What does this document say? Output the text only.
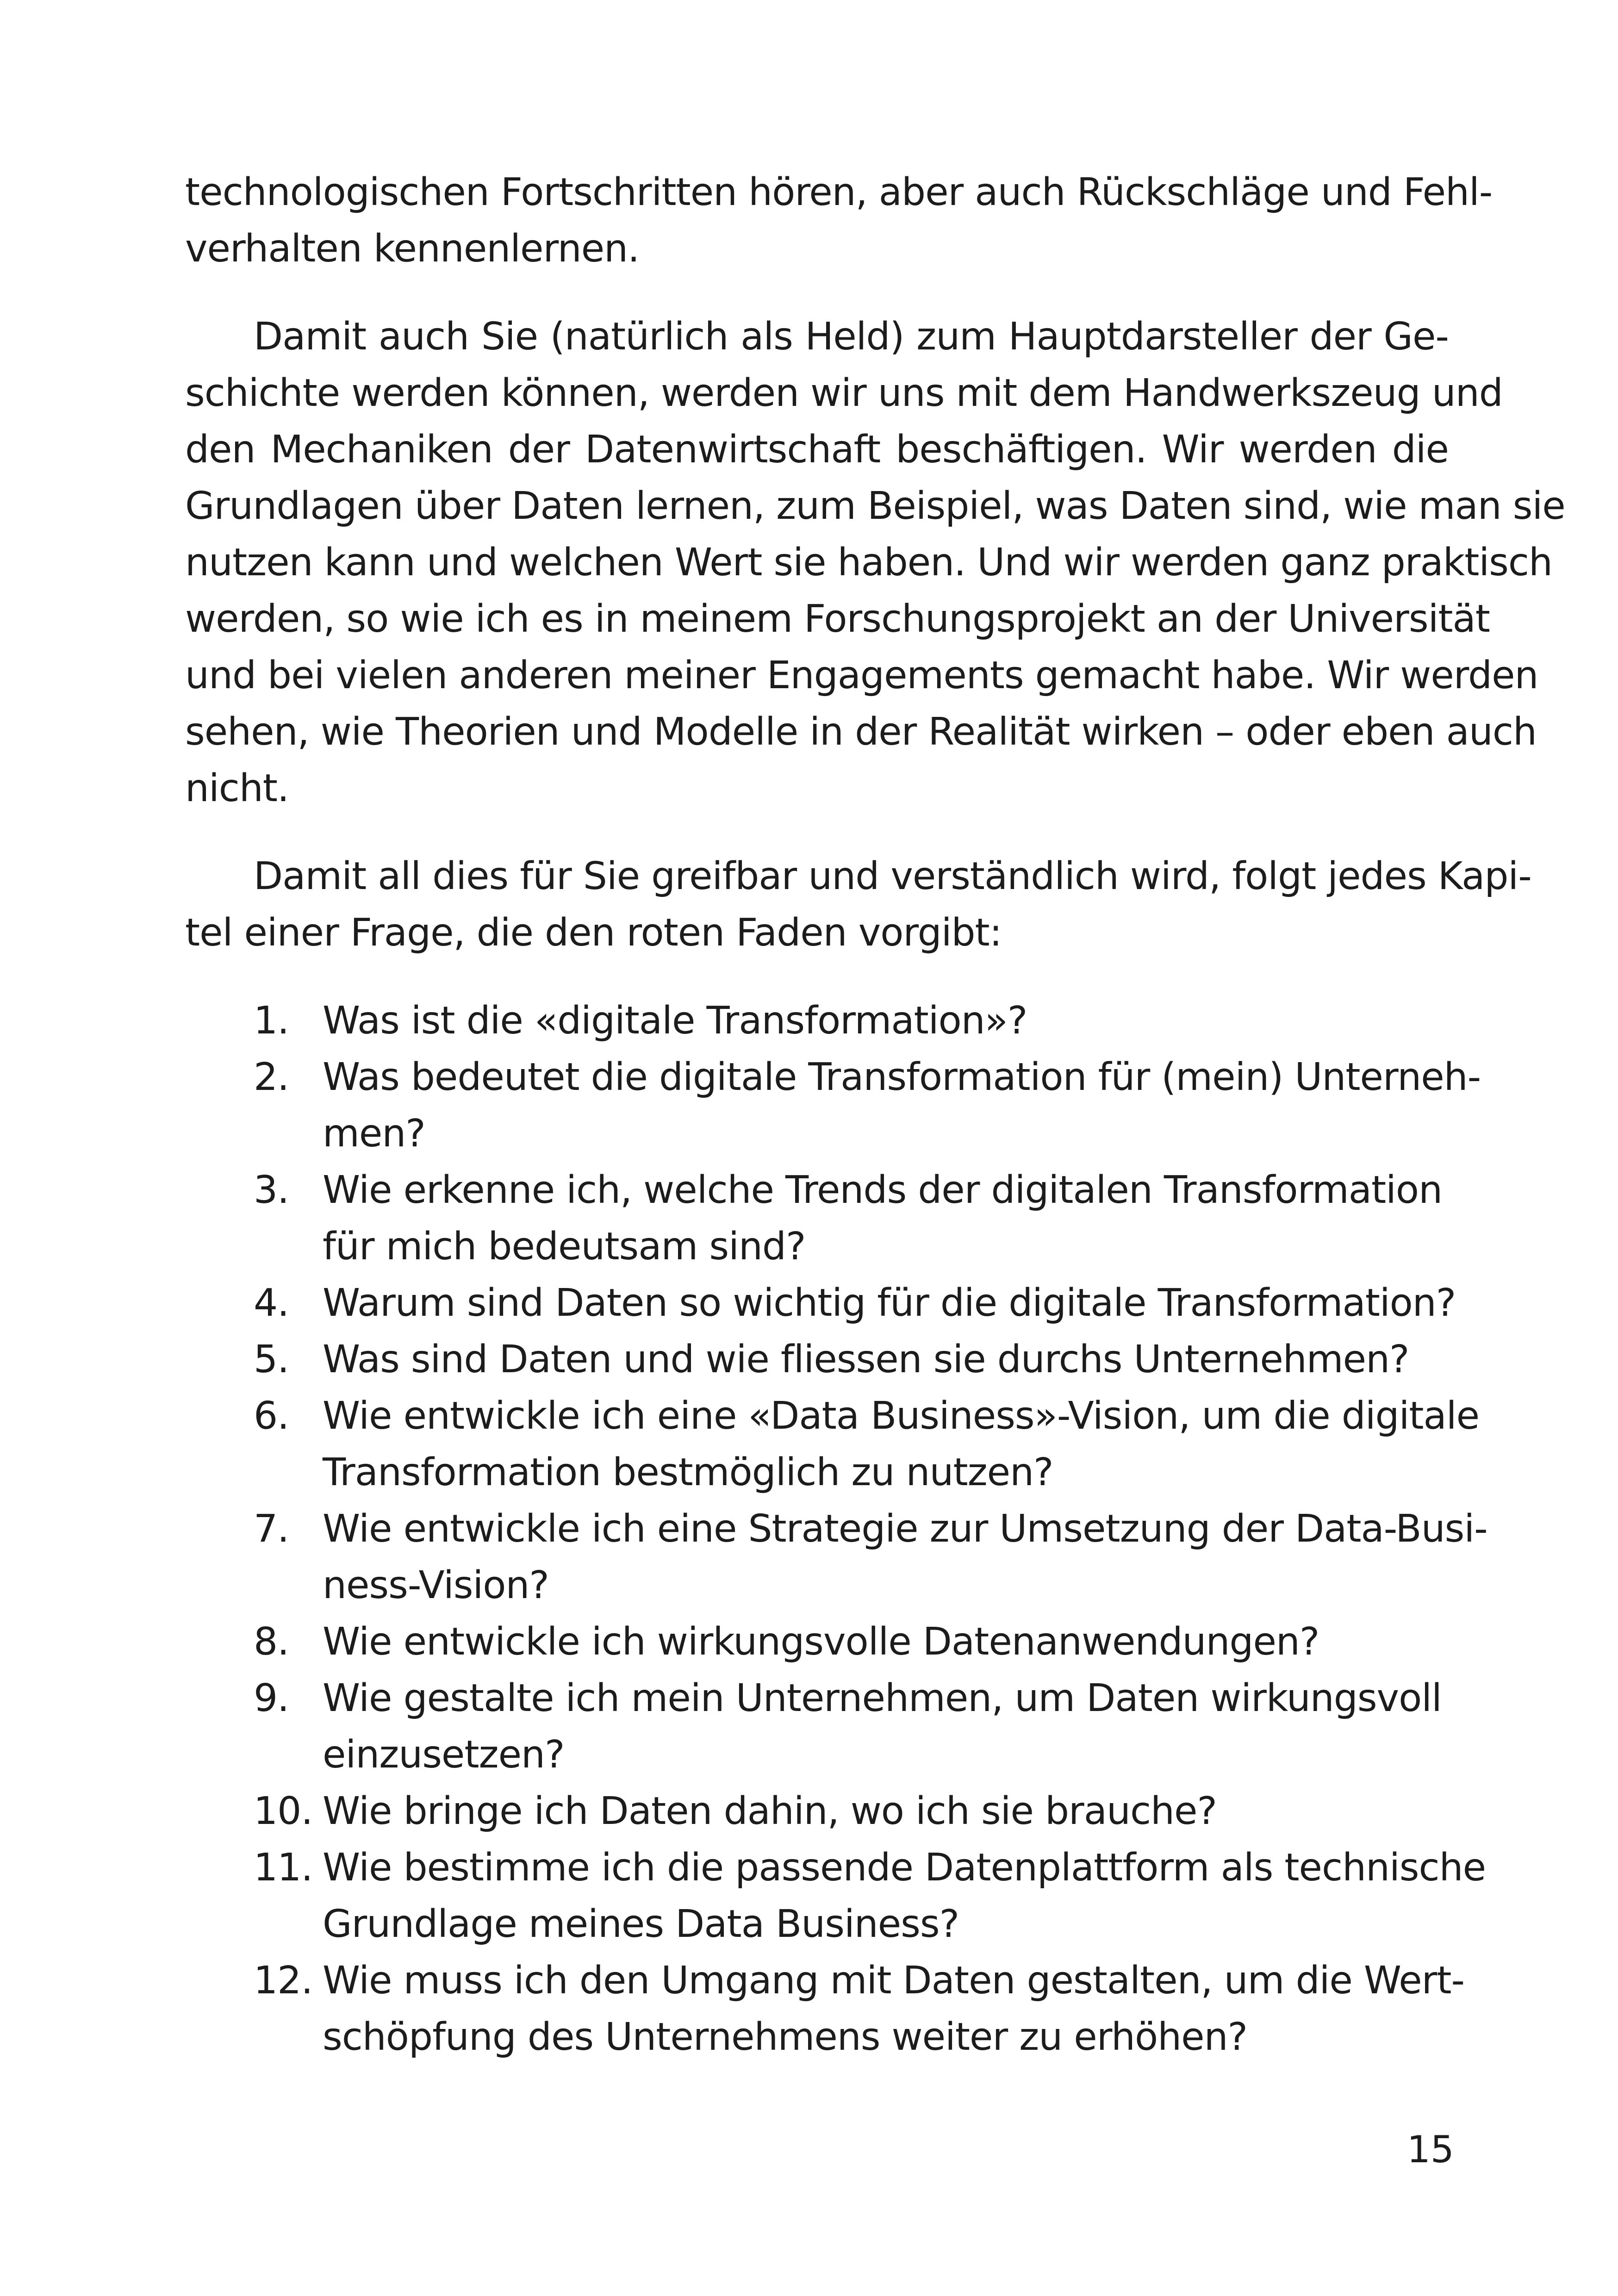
technologischen Fortschritten hören, aber auch Rückschläge und Fehl-
verhalten kennenlernen.

Damit auch Sie (natürlich als Held) zum Hauptdarsteller der Ge-
schichte werden können, werden wir uns mit dem Handwerkszeug und
den Mechaniken der Datenwirtschaft beschäftigen. Wir werden die
Grundlagen über Daten lernen, zum Beispiel, was Daten sind, wie man sie
nutzen kann und welchen Wert sie haben. Und wir werden ganz praktisch
werden, so wie ich es in meinem Forschungsprojekt an der Universität
und bei vielen anderen meiner Engagements gemacht habe. Wir werden
sehen, wie Theorien und Modelle in der Realität wirken – oder eben auch
nicht.

Damit all dies für Sie greifbar und verständlich wird, folgt jedes Kapi-
tel einer Frage, die den roten Faden vorgibt:

1. Was ist die «digitale Transformation»?
2. Was bedeutet die digitale Transformation für (mein) Unterneh-
men?
3. Wie erkenne ich, welche Trends der digitalen Transformation
für mich bedeutsam sind?
4. Warum sind Daten so wichtig für die digitale Transformation?
5. Was sind Daten und wie fliessen sie durchs Unternehmen?
6. Wie entwickle ich eine «Data Business»-Vision, um die digitale
Transformation bestmöglich zu nutzen?
7. Wie entwickle ich eine Strategie zur Umsetzung der Data-Busi-
ness-Vision?
8. Wie entwickle ich wirkungsvolle Datenanwendungen?
9. Wie gestalte ich mein Unternehmen, um Daten wirkungsvoll
einzusetzen?
10. Wie bringe ich Daten dahin, wo ich sie brauche?
11. Wie bestimme ich die passende Datenplattform als technische
Grundlage meines Data Business?
12. Wie muss ich den Umgang mit Daten gestalten, um die Wert-
schöpfung des Unternehmens weiter zu erhöhen?
15
